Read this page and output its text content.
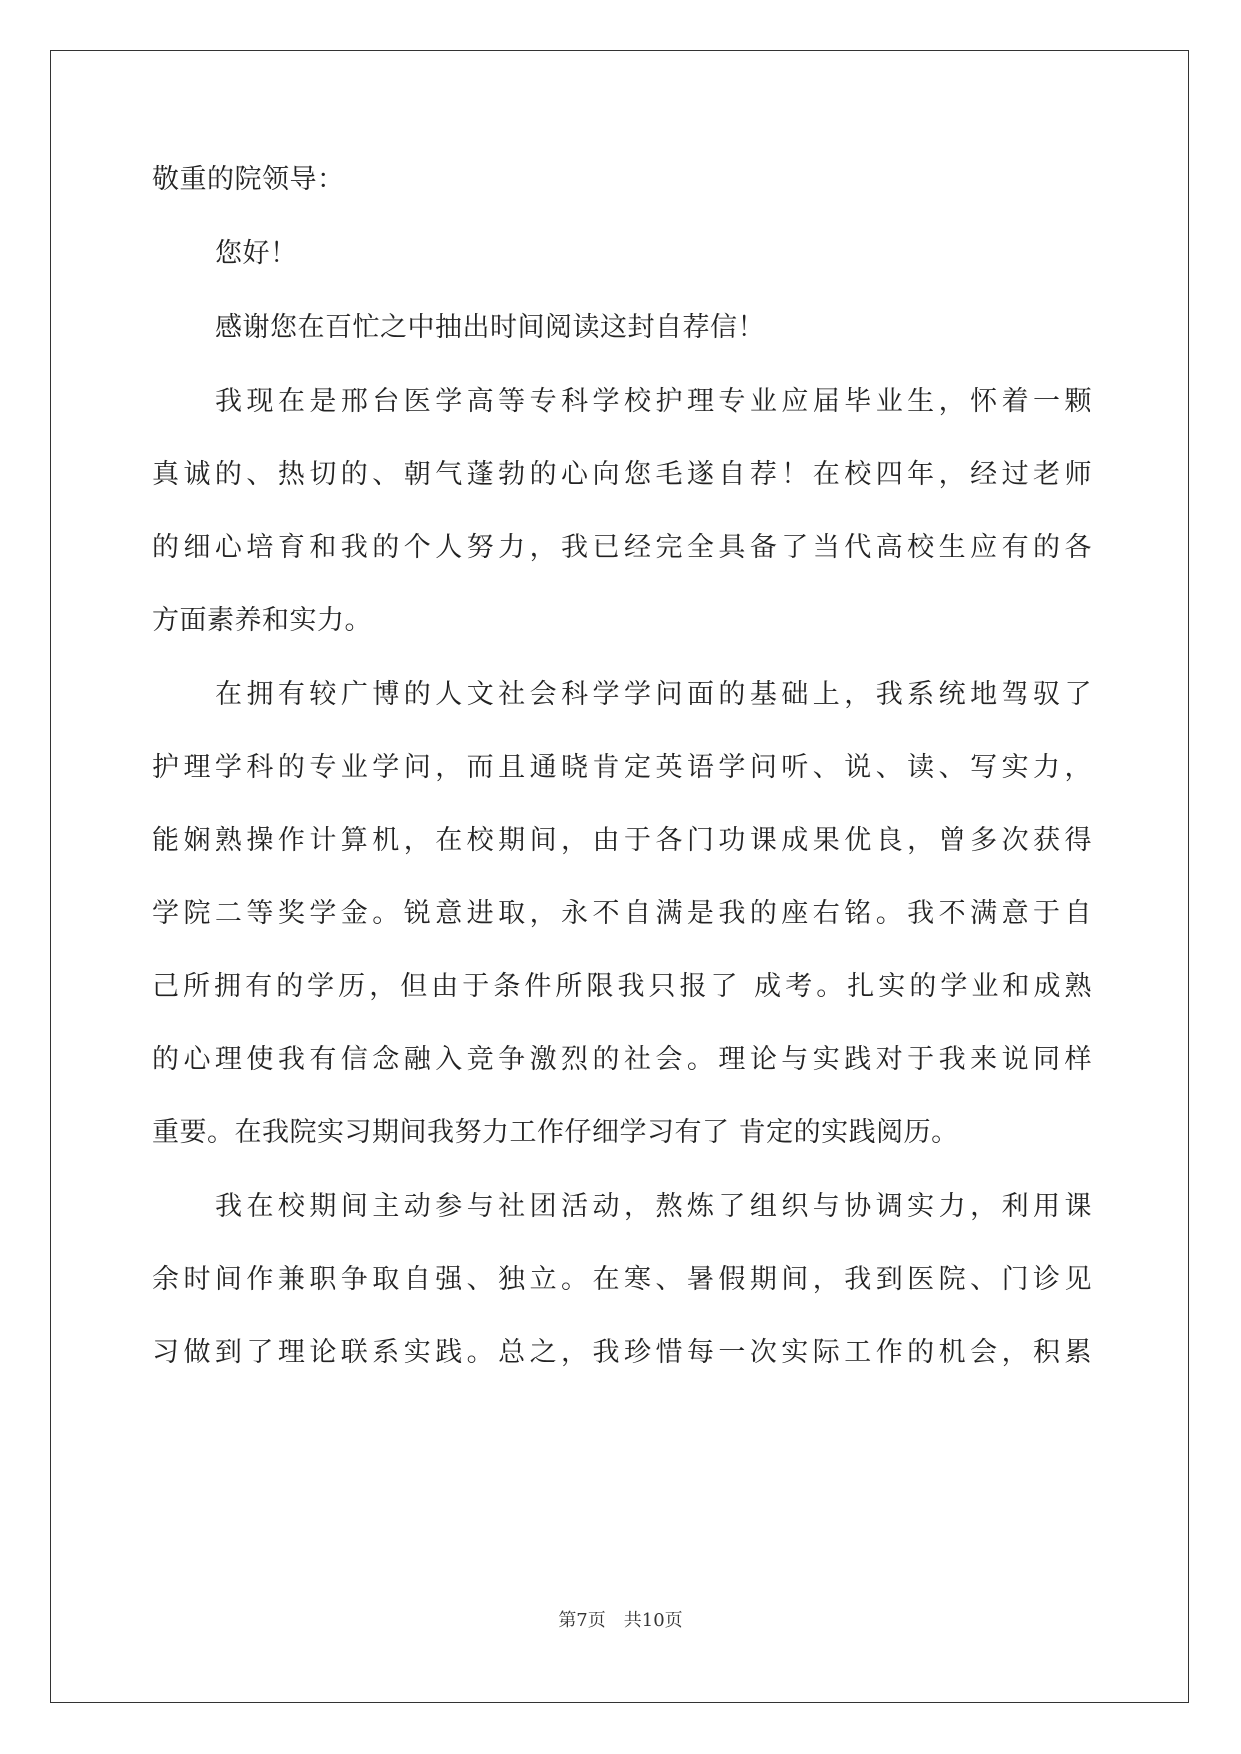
敬重的院领导：
您好！
感谢您在百忙之中抽出时间阅读这封自荐信！
我现在是邢台医学高等专科学校护理专业应届毕业生，怀着一颗
真诚的、热切的、朝气蓬勃的心向您毛遂自荐！在校四年，经过老师
的细心培育和我的个人努力，我已经完全具备了当代高校生应有的各
方面素养和实力。
在拥有较广博的人文社会科学学问面的基础上，我系统地驾驭了
护理学科的专业学问，而且通晓肯定英语学问听、说、读、写实力，
能娴熟操作计算机，在校期间，由于各门功课成果优良，曾多次获得
学院二等奖学金。锐意进取，永不自满是我的座右铭。我不满意于自
己所拥有的学历，但由于条件所限我只报了 成考。扎实的学业和成熟
的心理使我有信念融入竞争激烈的社会。理论与实践对于我来说同样
重要。在我院实习期间我努力工作仔细学习有了 肯定的实践阅历。
我在校期间主动参与社团活动，熬炼了组织与协调实力，利用课
余时间作兼职争取自强、独立。在寒、暑假期间，我到医院、门诊见
习做到了理论联系实践。总之，我珍惜每一次实际工作的机会，积累
第7页　共10页
